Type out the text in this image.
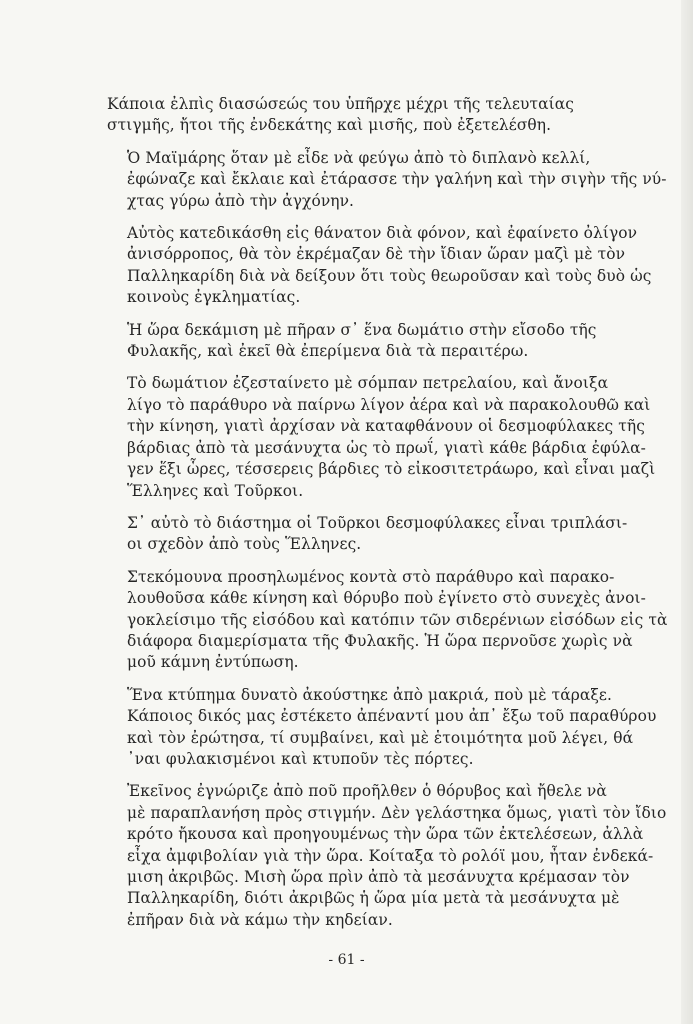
Κάποια ἐλπὶς διασώσεώς του ὑπῆρχε μέχρι τῆς τελευταίας
στιγμῆς, ἤτοι τῆς ἐνδεκάτης καὶ μισῆς, ποὺ ἐξετελέσθη.

Ὁ Μαϊμάρης ὅταν μὲ εἶδε νὰ φεύγω ἀπὸ τὸ διπλανὸ κελλί,
ἐφώναζε καὶ ἔκλαιε καὶ ἐτάρασσε τὴν γαλήνη καὶ τὴν σιγὴν τῆς νύ-
χτας γύρω ἀπὸ τὴν ἀγχόνην.

Αὐτὸς κατεδικάσθη εἰς θάνατον διὰ φόνον, καὶ ἐφαίνετο ὀλίγον
ἀνισόρροπος, θὰ τὸν ἐκρέμαζαν δὲ τὴν ἴδιαν ὥραν μαζὶ μὲ τὸν
Παλληκαρίδη διὰ νὰ δείξουν ὅτι τοὺς θεωροῦσαν καὶ τοὺς δυὸ ὡς
κοινοὺς ἐγκληματίας.

Ἡ ὥρα δεκάμιση μὲ πῆραν σ᾽ ἕνα δωμάτιο στὴν εἴσοδο τῆς
Φυλακῆς, καὶ ἐκεῖ θὰ ἐπερίμενα διὰ τὰ περαιτέρω.

Τὸ δωμάτιον ἐζεσταίνετο μὲ σόμπαν πετρελαίου, καὶ ἄνοιξα
λίγο τὸ παράθυρο νὰ παίρνω λίγον ἀέρα καὶ νὰ παρακολουθῶ καὶ
τὴν κίνηση, γιατὶ ἀρχίσαν νὰ καταφθάνουν οἱ δεσμοφύλακες τῆς
βάρδιας ἀπὸ τὰ μεσάνυχτα ὡς τὸ πρωΐ, γιατὶ κάθε βάρδια ἐφύλα-
γεν ἕξι ὧρες, τέσσερεις βάρδιες τὸ εἰκοσιτετράωρο, καὶ εἶναι μαζὶ
Ἕλληνες καὶ Τοῦρκοι.

Σ᾽ αὐτὸ τὸ διάστημα οἱ Τοῦρκοι δεσμοφύλακες εἶναι τριπλάσι-
οι σχεδὸν ἀπὸ τοὺς Ἕλληνες.

Στεκόμουνα προσηλωμένος κοντὰ στὸ παράθυρο καὶ παρακο-
λουθοῦσα κάθε κίνηση καὶ θόρυβο ποὺ ἐγίνετο στὸ συνεχὲς ἀνοι-
γοκλείσιμο τῆς εἰσόδου καὶ κατόπιν τῶν σιδερένιων εἰσόδων εἰς τὰ
διάφορα διαμερίσματα τῆς Φυλακῆς. Ἡ ὥρα περνοῦσε χωρὶς νὰ
μοῦ κάμνη ἐντύπωση.

Ἕνα κτύπημα δυνατὸ ἀκούστηκε ἀπὸ μακριά, ποὺ μὲ τάραξε.
Κάποιος δικός μας ἐστέκετο ἀπέναντί μου ἀπ᾽ ἔξω τοῦ παραθύρου
καὶ τὸν ἐρώτησα, τί συμβαίνει, καὶ μὲ ἑτοιμότητα μοῦ λέγει, θά
᾽ναι φυλακισμένοι καὶ κτυποῦν τὲς πόρτες.

Ἐκεῖνος ἐγνώριζε ἀπὸ ποῦ προῆλθεν ὁ θόρυβος καὶ ἤθελε νὰ
μὲ παραπλανήση πρὸς στιγμήν. Δὲν γελάστηκα ὅμως, γιατὶ τὸν ἴδιο
κρότο ἤκουσα καὶ προηγουμένως τὴν ὥρα τῶν ἐκτελέσεων, ἀλλὰ
εἶχα ἀμφιβολίαν γιὰ τὴν ὥρα. Κοίταξα τὸ ρολόϊ μου, ἦταν ἐνδεκά-
μιση ἀκριβῶς. Μισὴ ὥρα πρὶν ἀπὸ τὰ μεσάνυχτα κρέμασαν τὸν
Παλληκαρίδη, διότι ἀκριβῶς ἡ ὥρα μία μετὰ τὰ μεσάνυχτα μὲ
ἐπῆραν διὰ νὰ κάμω τὴν κηδείαν.

- 61 -
